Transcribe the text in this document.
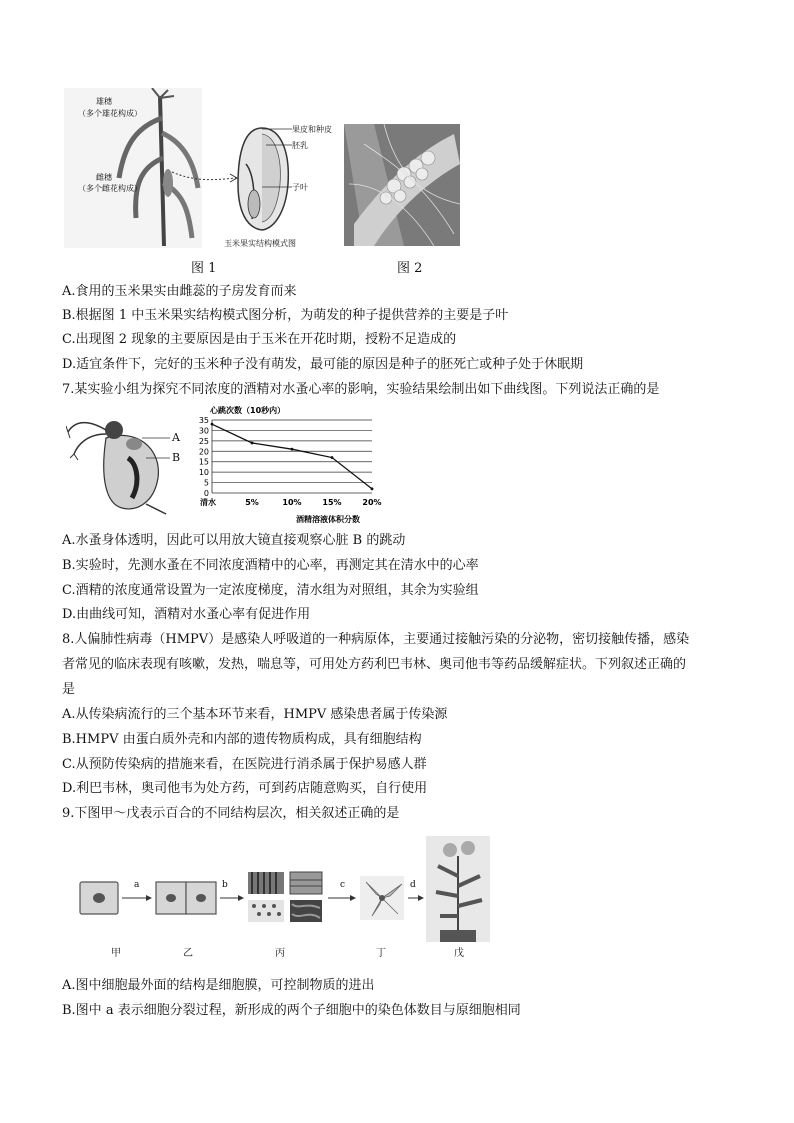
雄穗
（多个雄花构成）
雌穗
（多个雌花构成）
果皮和种皮
胚乳
子叶
玉米果实结构模式图
图 1	图 2
A.食用的玉米果实由雌蕊的子房发育而来
B.根据图 1 中玉米果实结构模式图分析，为萌发的种子提供营养的主要是子叶
C.出现图 2 现象的主要原因是由于玉米在开花时期，授粉不足造成的
D.适宜条件下，完好的玉米种子没有萌发，最可能的原因是种子的胚死亡或种子处于休眠期
7.某实验小组为探究不同浓度的酒精对水蚤心率的影响，实验结果绘制出如下曲线图。下列说法正确的是
A
B
心跳次数（10秒内）
酒精溶液体积分数
35
30
25
20
15
10
5
0
清水	5%	10%	15%	20%
A.水蚤身体透明，因此可以用放大镜直接观察心脏 B 的跳动
B.实验时，先测水蚤在不同浓度酒精中的心率，再测定其在清水中的心率
C.酒精的浓度通常设置为一定浓度梯度，清水组为对照组，其余为实验组
D.由曲线可知，酒精对水蚤心率有促进作用
8.人偏肺性病毒（HMPV）是感染人呼吸道的一种病原体，主要通过接触污染的分泌物，密切接触传播，感染
者常见的临床表现有咳嗽，发热，喘息等，可用处方药利巴韦林、奥司他韦等药品缓解症状。下列叙述正确的
是
A.从传染病流行的三个基本环节来看，HMPV 感染患者属于传染源
B.HMPV 由蛋白质外壳和内部的遗传物质构成，具有细胞结构
C.从预防传染病的措施来看，在医院进行消杀属于保护易感人群
D.利巴韦林，奥司他韦为处方药，可到药店随意购买，自行使用
9.下图甲～戊表示百合的不同结构层次，相关叙述正确的是
a	b	c	d
甲	乙	丙	丁	戊
A.图中细胞最外面的结构是细胞膜，可控制物质的进出
B.图中 a 表示细胞分裂过程，新形成的两个子细胞中的染色体数目与原细胞相同
